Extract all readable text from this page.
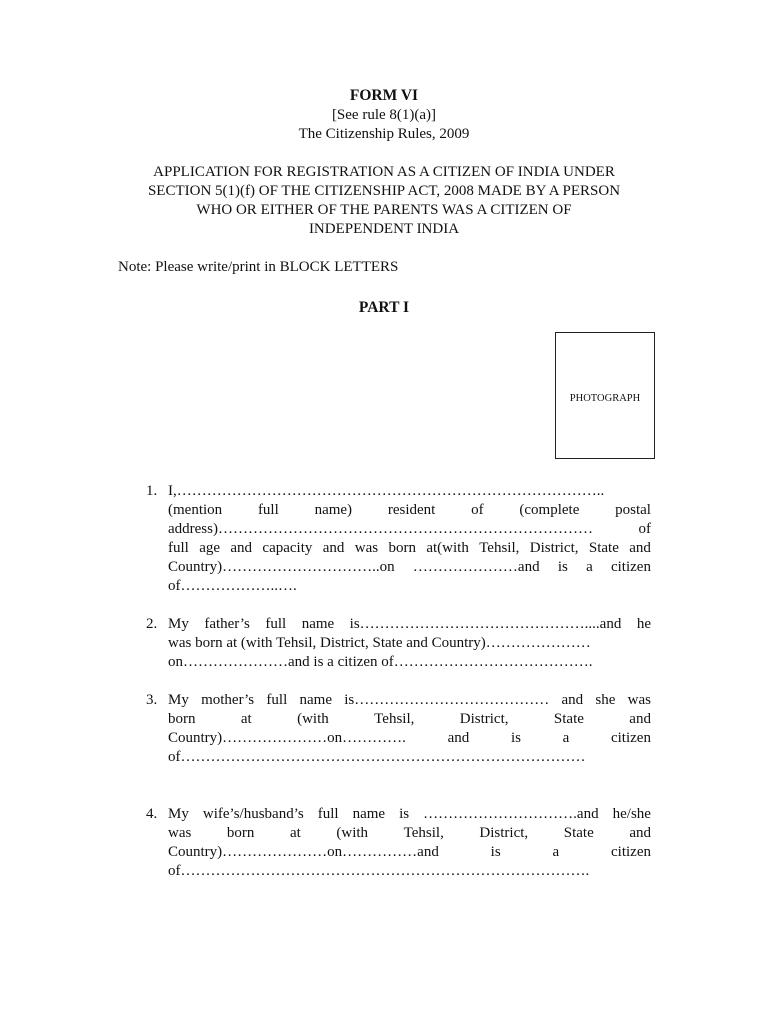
FORM VI
[See rule 8(1)(a)]
The Citizenship Rules, 2009
APPLICATION FOR REGISTRATION AS A CITIZEN OF INDIA UNDER
SECTION 5(1)(f) OF THE CITIZENSHIP ACT, 2008 MADE BY A PERSON
WHO OR EITHER OF THE PARENTS WAS A CITIZEN OF
INDEPENDENT INDIA
Note: Please write/print in BLOCK LETTERS
PART I
PHOTOGRAPH
1. I,…………………………………………………………………………..
(mention full name) resident of (complete postal
address)…………………………………………………………………	of
full age and capacity and was born at(with Tehsil, District, State and
Country)…………………………..on …………………and is a citizen
of………………..….
2. My father’s full name is………………………………………....and he
was born at (with Tehsil, District, State and Country)…………………
on…………………and is a citizen of………………………………….
3. My mother’s full name is………………………………… and she was
born	at	(with	Tehsil,	District,	State	and
Country)…………………on………….	and	is	a	citizen
of………………………………………………………………………
4. My wife’s/husband’s full name is ………………………….and he/she
was born at (with Tehsil, District, State and
Country)…………………on……………and	is	a	citizen
of……………………………………………………………………….
